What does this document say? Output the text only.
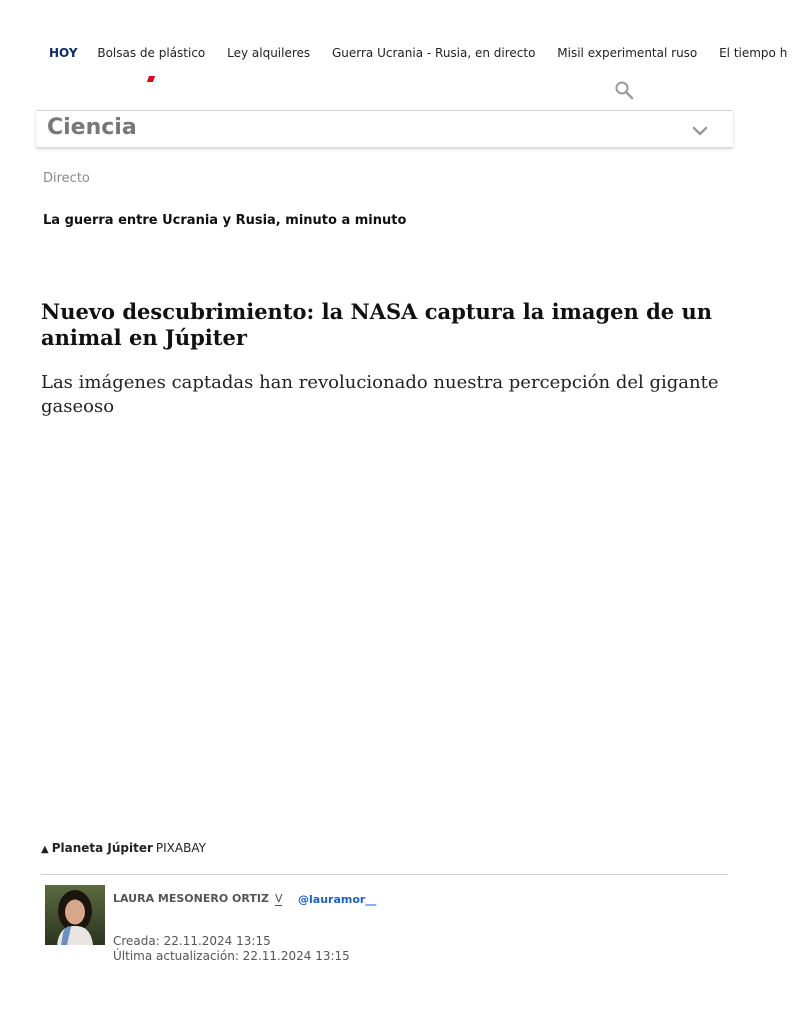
HOY Bolsas de plástico Ley alquileres Guerra Ucrania - Rusia, en directo Misil experimental ruso El tiempo h
Ciencia
Directo
La guerra entre Ucrania y Rusia, minuto a minuto
Nuevo descubrimiento: la NASA captura la imagen de un animal en Júpiter

Las imágenes captadas han revolucionado nuestra percepción del gigante gaseoso

▲ Planeta Júpiter PIXABAY
LAURA MESONERO ORTIZ V @lauramor__
Creada: 22.11.2024 13:15
Última actualización: 22.11.2024 13:15
